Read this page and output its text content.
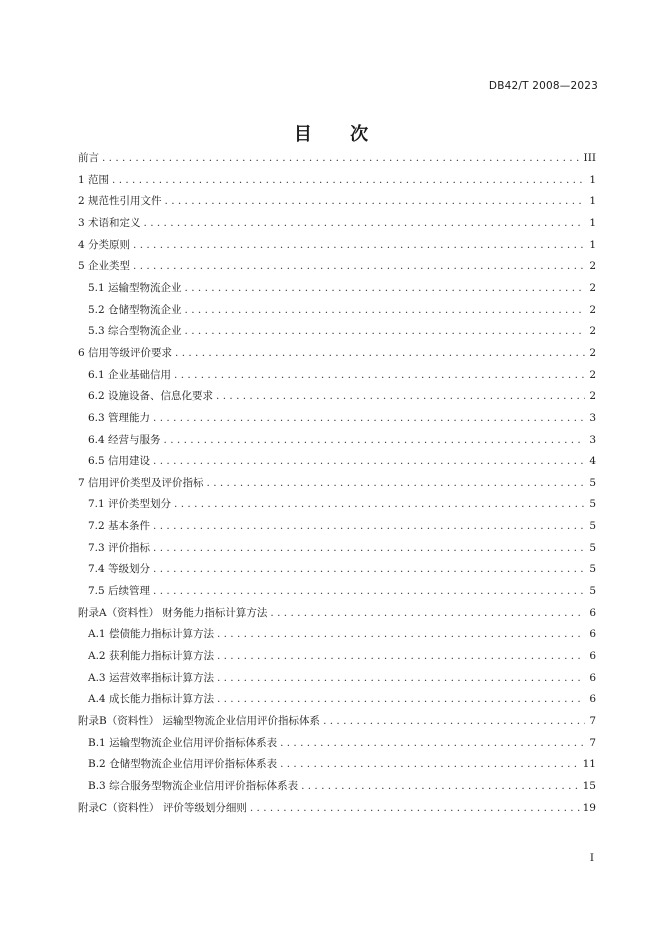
DB42/T 2008—2023
目 次
前言 . . .	III
1 范围 . . .	1
2 规范性引用文件 . . .	1
3 术语和定义 . . .	1
4 分类原则 . . .	1
5 企业类型 . . .	2
5.1 运输型物流企业 . . .	2
5.2 仓储型物流企业 . . .	2
5.3 综合型物流企业 . . .	2
6 信用等级评价要求 . . .	2
6.1 企业基础信用 . . .	2
6.2 设施设备、信息化要求 . . .	2
6.3 管理能力 . . .	3
6.4 经营与服务 . . .	3
6.5 信用建设 . . .	4
7 信用评价类型及评价指标 . . .	5
7.1 评价类型划分 . . .	5
7.2 基本条件 . . .	5
7.3 评价指标 . . .	5
7.4 等级划分 . . .	5
7.5 后续管理 . . .	5
附录A（资料性） 财务能力指标计算方法 . . .	6
A.1 偿债能力指标计算方法 . . .	6
A.2 获利能力指标计算方法 . . .	6
A.3 运营效率指标计算方法 . . .	6
A.4 成长能力指标计算方法 . . .	6
附录B（资料性） 运输型物流企业信用评价指标体系 . . .	7
B.1 运输型物流企业信用评价指标体系表 . . .	7
B.2 仓储型物流企业信用评价指标体系表 . . .	11
B.3 综合服务型物流企业信用评价指标体系表 . . .	15
附录C（资料性） 评价等级划分细则 . . .	19
I
